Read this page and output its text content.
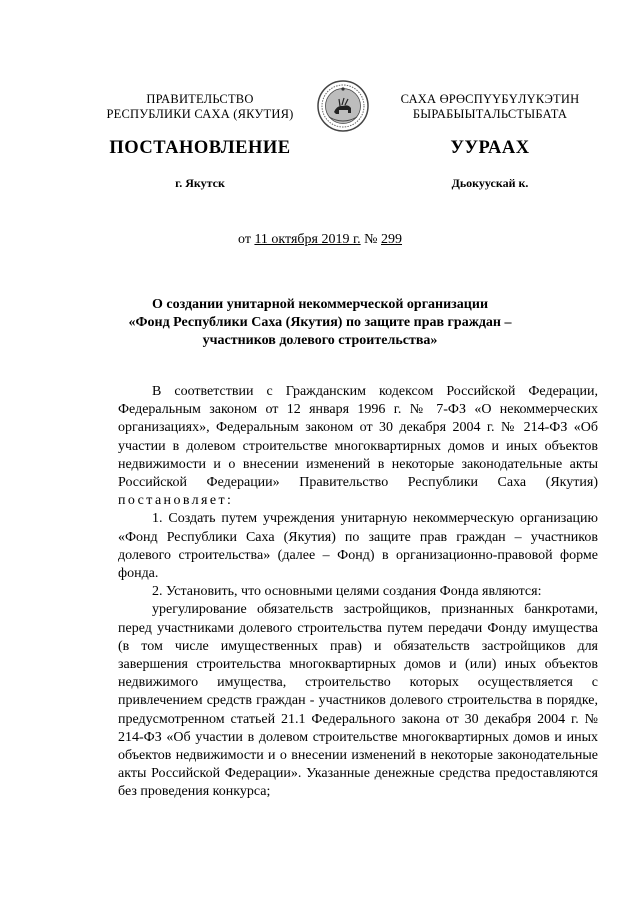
ПРАВИТЕЛЬСТВО
РЕСПУБЛИКИ САХА (ЯКУТИЯ)
САХА ӨРӨСПҮҮБҮЛҮКЭТИН
БЫРАБЫЫТАЛЬСТЫБАТА
ПОСТАНОВЛЕНИЕ	УУРААХ
г. Якутск	Дьокуускай к.
от 11 октября 2019 г. № 299
О создании унитарной некоммерческой организации
«Фонд Республики Саха (Якутия) по защите прав граждан –
участников долевого строительства»

В соответствии с Гражданским кодексом Российской Федерации, Федеральным законом от 12 января 1996 г. № 7-ФЗ «О некоммерческих организациях», Федеральным законом от 30 декабря 2004 г. № 214-ФЗ «Об участии в долевом строительстве многоквартирных домов и иных объектов недвижимости и о внесении изменений в некоторые законодательные акты Российской Федерации» Правительство Республики Саха (Якутия) постановляет:

1. Создать путем учреждения унитарную некоммерческую организацию «Фонд Республики Саха (Якутия) по защите прав граждан – участников долевого строительства» (далее – Фонд) в организационно-правовой форме фонда.

2. Установить, что основными целями создания Фонда являются:

урегулирование обязательств застройщиков, признанных банкротами, перед участниками долевого строительства путем передачи Фонду имущества (в том числе имущественных прав) и обязательств застройщиков для завершения строительства многоквартирных домов и (или) иных объектов недвижимого имущества, строительство которых осуществляется с привлечением средств граждан - участников долевого строительства в порядке, предусмотренном статьей 21.1 Федерального закона от 30 декабря 2004 г. № 214-ФЗ «Об участии в долевом строительстве многоквартирных домов и иных объектов недвижимости и о внесении изменений в некоторые законодательные акты Российской Федерации». Указанные денежные средства предоставляются без проведения конкурса;
